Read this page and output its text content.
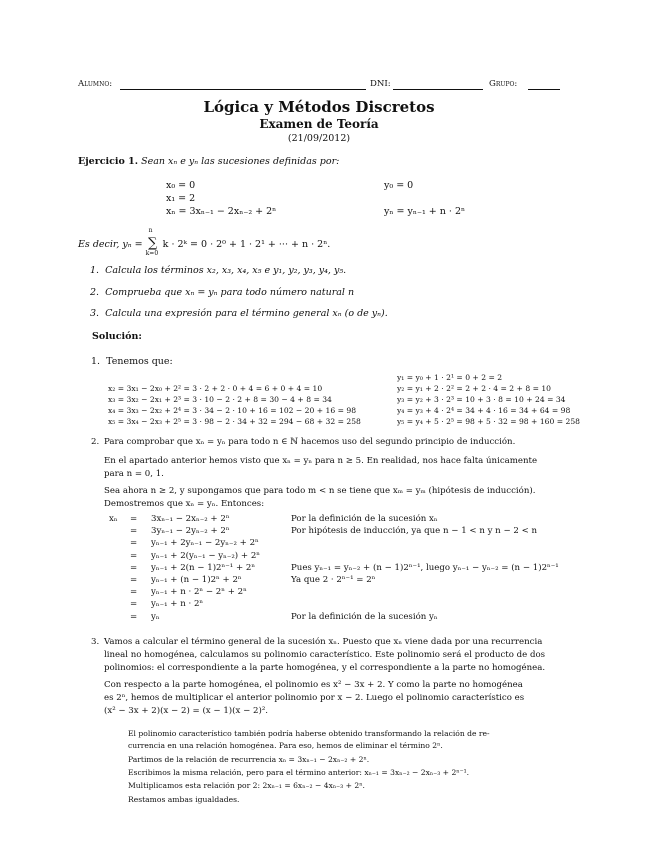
Alumno:	DNI:	Grupo:
Lógica y Métodos Discretos
Examen de Teoría
(21/09/2012)
Ejercicio 1. Sean xₙ e yₙ las sucesiones definidas por:
x₀ = 0
x₁ = 2
xₙ = 3xₙ₋₁ − 2xₙ₋₂ + 2ⁿ
y₀ = 0
yₙ = yₙ₋₁ + n · 2ⁿ
Es decir, yₙ =
n
∑
k=0
k · 2ᵏ = 0 · 2⁰ + 1 · 2¹ + ··· + n · 2ⁿ.
1. Calcula los términos x₂, x₃, x₄, x₅ e y₁, y₂, y₃, y₄, y₅.
2. Comprueba que xₙ = yₙ para todo número natural n
3. Calcula una expresión para el término general xₙ (o de yₙ).
Solución:
1. Tenemos que:
x₂ = 3x₁ − 2x₀ + 2² = 3 · 2 + 2 · 0 + 4 = 6 + 0 + 4 = 10
x₃ = 3x₂ − 2x₁ + 2³ = 3 · 10 − 2 · 2 + 8 = 30 − 4 + 8 = 34
x₄ = 3x₃ − 2x₂ + 2⁴ = 3 · 34 − 2 · 10 + 16 = 102 − 20 + 16 = 98
x₅ = 3x₄ − 2x₃ + 2⁵ = 3 · 98 − 2 · 34 + 32 = 294 − 68 + 32 = 258
y₁ = y₀ + 1 · 2¹ = 0 + 2 = 2
y₂ = y₁ + 2 · 2² = 2 + 2 · 4 = 2 + 8 = 10
y₃ = y₂ + 3 · 2³ = 10 + 3 · 8 = 10 + 24 = 34
y₄ = y₃ + 4 · 2⁴ = 34 + 4 · 16 = 34 + 64 = 98
y₅ = y₄ + 5 · 2⁵ = 98 + 5 · 32 = 98 + 160 = 258
2. Para comprobar que xₙ = yₙ para todo n ∈ ℕ hacemos uso del segundo principio de inducción.
En el apartado anterior hemos visto que xₙ = yₙ para n ≥ 5. En realidad, nos hace falta únicamente
para n = 0, 1.
Sea ahora n ≥ 2, y supongamos que para todo m < n se tiene que xₘ = yₘ (hipótesis de inducción).
Demostremos que xₙ = yₙ. Entonces:
xₙ = 3xₙ₋₁ − 2xₙ₋₂ + 2ⁿ	Por la definición de la sucesión xₙ
= 3yₙ₋₁ − 2yₙ₋₂ + 2ⁿ	Por hipótesis de inducción, ya que n − 1 < n y n − 2 < n
= yₙ₋₁ + 2yₙ₋₁ − 2yₙ₋₂ + 2ⁿ
= yₙ₋₁ + 2(yₙ₋₁ − yₙ₋₂) + 2ⁿ
= yₙ₋₁ + 2(n − 1)2ⁿ⁻¹ + 2ⁿ	Pues yₙ₋₁ = yₙ₋₂ + (n − 1)2ⁿ⁻¹, luego yₙ₋₁ − yₙ₋₂ = (n − 1)2ⁿ⁻¹
= yₙ₋₁ + (n − 1)2ⁿ + 2ⁿ	Ya que 2 · 2ⁿ⁻¹ = 2ⁿ
= yₙ₋₁ + n · 2ⁿ − 2ⁿ + 2ⁿ
= yₙ₋₁ + n · 2ⁿ
= yₙ	Por la definición de la sucesión yₙ
3. Vamos a calcular el término general de la sucesión xₙ. Puesto que xₙ viene dada por una recurrencia
lineal no homogénea, calculamos su polinomio característico. Este polinomio será el producto de dos
polinomios: el correspondiente a la parte homogénea, y el correspondiente a la parte no homogénea.
Con respecto a la parte homogénea, el polinomio es x² − 3x + 2. Y como la parte no homogénea
es 2ⁿ, hemos de multiplicar el anterior polinomio por x − 2. Luego el polinomio característico es
(x² − 3x + 2)(x − 2) = (x − 1)(x − 2)².
El polinomio característico también podría haberse obtenido transformando la relación de re-
currencia en una relación homogénea. Para eso, hemos de eliminar el término 2ⁿ.
Partimos de la relación de recurrencia xₙ = 3xₙ₋₁ − 2xₙ₋₂ + 2ⁿ.
Escribimos la misma relación, pero para el término anterior: xₙ₋₁ = 3xₙ₋₂ − 2xₙ₋₃ + 2ⁿ⁻¹.
Multiplicamos esta relación por 2: 2xₙ₋₁ = 6xₙ₋₂ − 4xₙ₋₃ + 2ⁿ.
Restamos ambas igualdades.
